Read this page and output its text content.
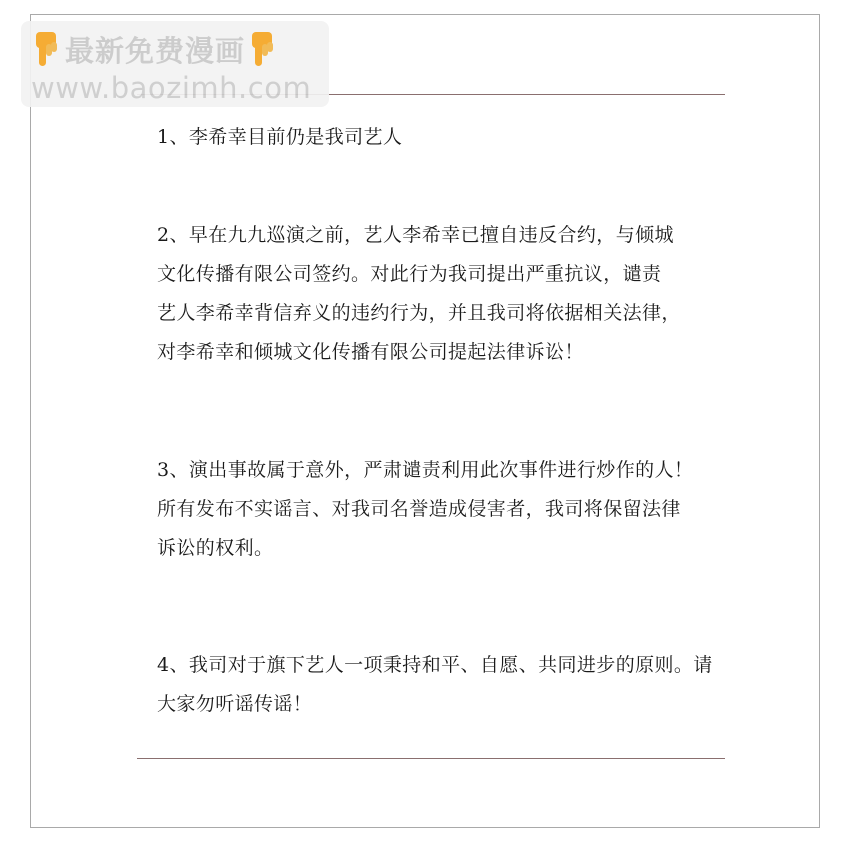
最新免费漫画
www.baozimh.com
1、李希幸目前仍是我司艺人
2、早在九九巡演之前，艺人李希幸已擅自违反合约，与倾城
文化传播有限公司签约。对此行为我司提出严重抗议，谴责
艺人李希幸背信弃义的违约行为，并且我司将依据相关法律，
对李希幸和倾城文化传播有限公司提起法律诉讼！
3、演出事故属于意外，严肃谴责利用此次事件进行炒作的人！
所有发布不实谣言、对我司名誉造成侵害者，我司将保留法律
诉讼的权利。
4、我司对于旗下艺人一项秉持和平、自愿、共同进步的原则。请
大家勿听谣传谣！
